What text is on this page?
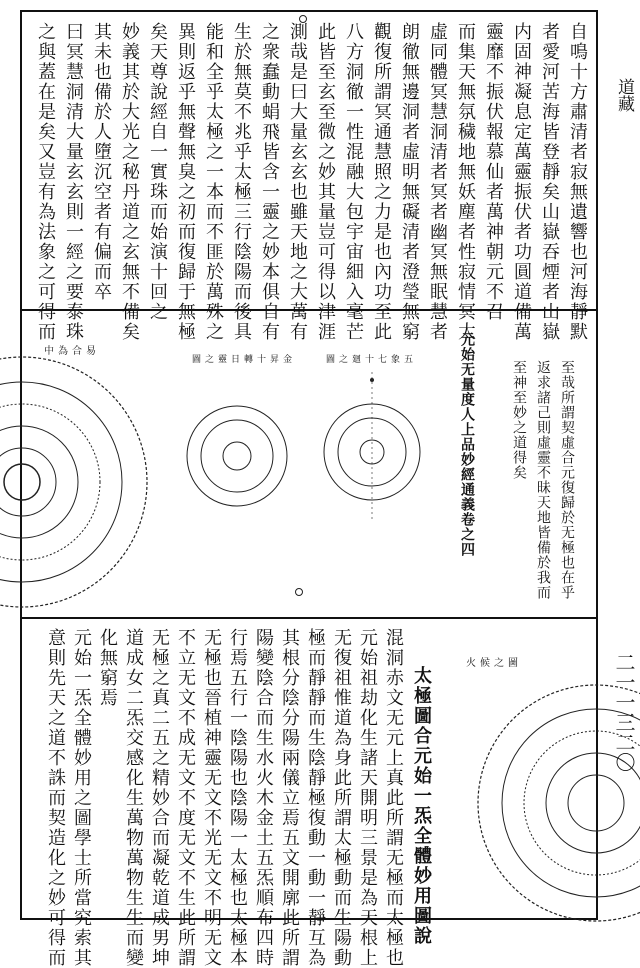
道藏
二一一三二〇
自鳴十方肅清者寂無遺響也河海靜默
者愛河苦海皆登靜矣山嶽吞煙者山嶽
内固神凝息定萬靈振伏者功圓道備萬
靈靡不振伏報慕仙者萬神朝元不召
而集天無氛穢地無妖塵者性寂情冥太
虛同體冥慧洞清者冥者幽冥無眠慧者
朗徹無邊洞者虛明無礙清者澄瑩無窮
觀復所謂冥通慧照之力是也內功至此
八方洞徹一性混融大包宇宙細入毫芒
此皆至玄至微之妙其量豈可得以津涯
測哉是曰大量玄玄也雖天地之大萬有
之衆蠢動蜎飛皆含一靈之妙本俱自有
生於無莫不兆乎太極三行陰陽而後具
能和全乎太極之一本而不匪於萬殊之
異則返乎無聲無臭之初而復歸于無極
矣天尊說經自一實珠而始演十回之
妙義其於大光之秘丹道之玄無不備矣
其未也備於人墮沉空者有偏而卒
曰冥慧洞清大量玄玄則一經之要泰珠
之與蓋在是矣又豈有為法象之可得而
至哉所謂契虛合元復歸於无極也在乎
返求諸己則虛靈不昧天地皆備於我而
至神至妙之道得矣
元始无量度人上品妙經通義卷之四
圖之廻十七象五
圖之靈日轉十昇金
中為合易
火候之圖
太極圖合元始一炁全體妙用圖說
混洞赤文无元上真此所謂无極而太極也
元始祖劫化生諸天開明三景是為天根上
无復祖惟道為身此所謂太極動而生陽動
極而靜靜而生陰靜極復動一動一靜互為
其根分陰分陽兩儀立焉五文開廓此所謂
陽變陰合而生水火木金土五炁順布四時
行焉五行一陰陽也陰陽一太極也太極本
无極也晉植神靈无文不光无文不明无文
不立无文不成无文不度无文不生此所謂
无極之真二五之精妙合而凝乾道成男坤
道成女二炁交感化生萬物萬物生生而變
化無窮焉
元始一炁全體妙用之圖學士所當究索其
意則先天之道不誅而契造化之妙可得而
